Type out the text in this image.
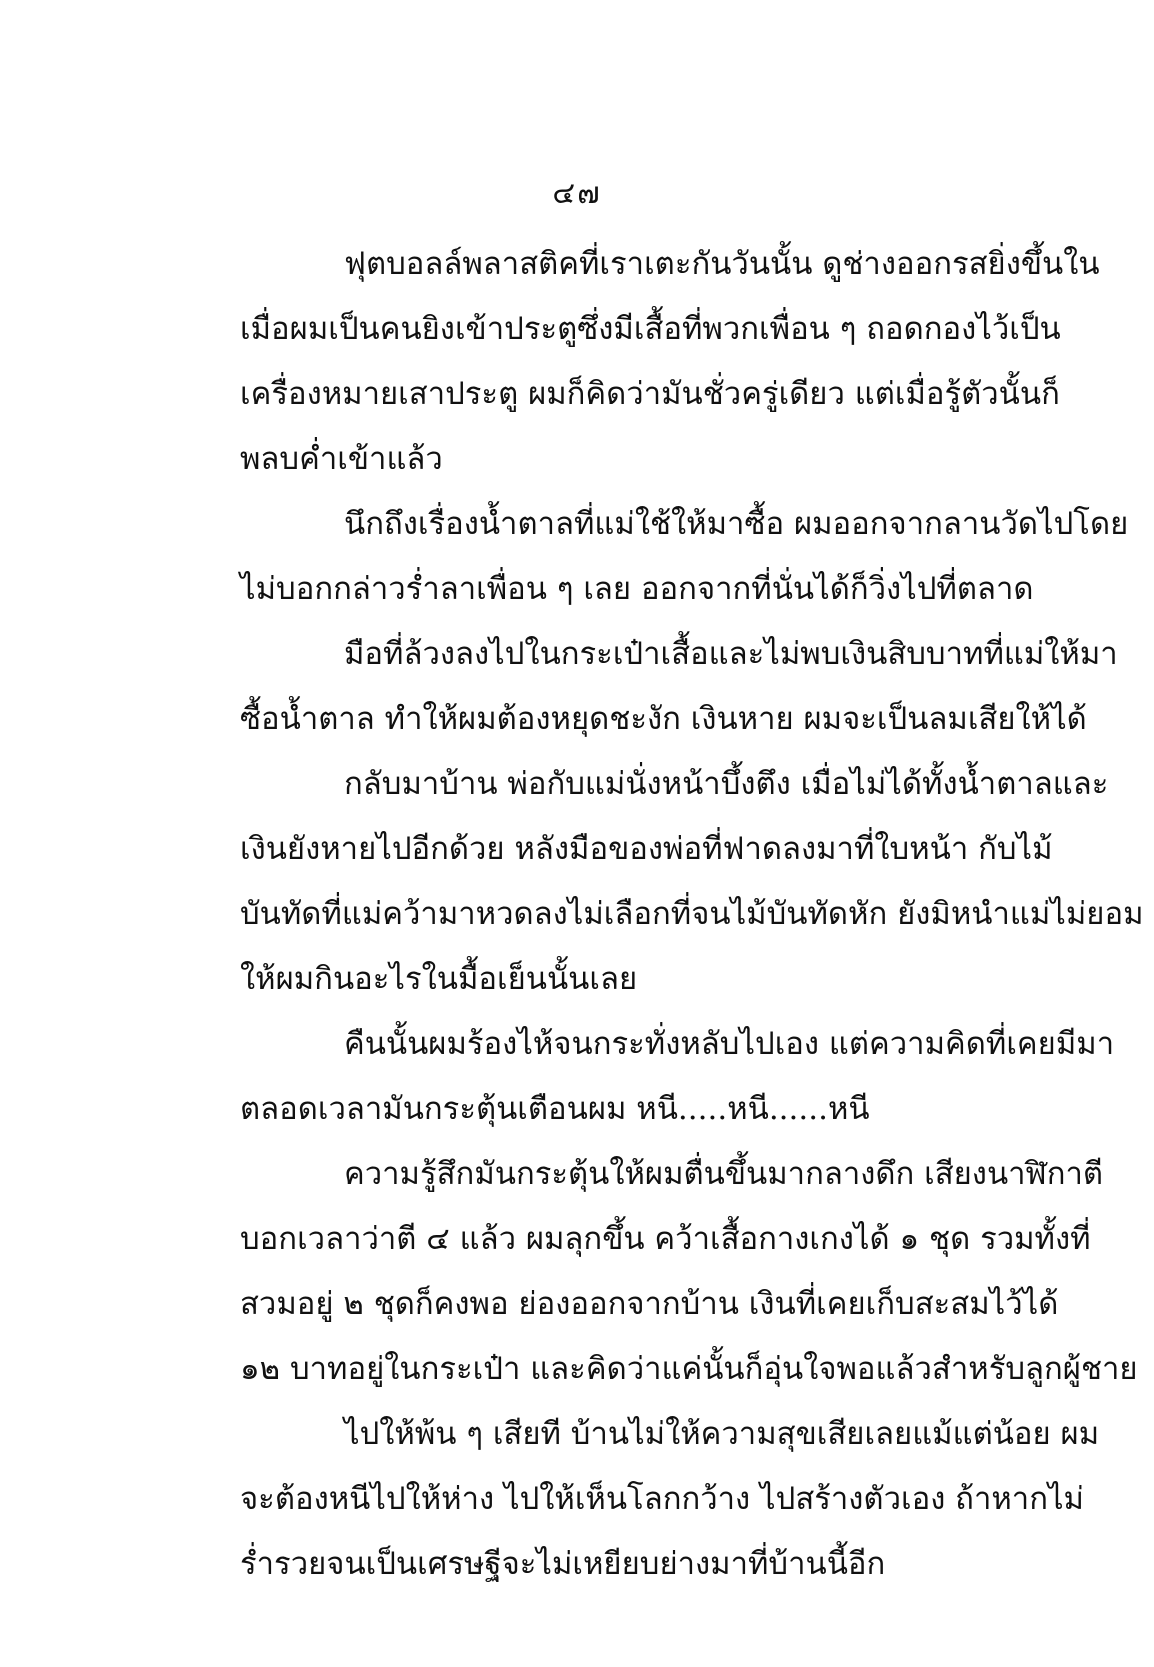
๔๗
ฟุตบอลล์พลาสติคที่เราเตะกันวันนั้น ดูช่างออกรสยิ่งขึ้นใน
เมื่อผมเป็นคนยิงเข้าประตูซึ่งมีเสื้อที่พวกเพื่อน ๆ ถอดกองไว้เป็น
เครื่องหมายเสาประตู ผมก็คิดว่ามันชั่วครู่เดียว แต่เมื่อรู้ตัวนั้นก็
พลบค่ำเข้าแล้ว
นึกถึงเรื่องน้ำตาลที่แม่ใช้ให้มาซื้อ ผมออกจากลานวัดไปโดย
ไม่บอกกล่าวร่ำลาเพื่อน ๆ เลย ออกจากที่นั่นได้ก็วิ่งไปที่ตลาด
มือที่ล้วงลงไปในกระเป๋าเสื้อและไม่พบเงินสิบบาทที่แม่ให้มา
ซื้อน้ำตาล ทำให้ผมต้องหยุดชะงัก เงินหาย ผมจะเป็นลมเสียให้ได้
กลับมาบ้าน พ่อกับแม่นั่งหน้าบึ้งตึง เมื่อไม่ได้ทั้งน้ำตาลและ
เงินยังหายไปอีกด้วย หลังมือของพ่อที่ฟาดลงมาที่ใบหน้า กับไม้
บันทัดที่แม่คว้ามาหวดลงไม่เลือกที่จนไม้บันทัดหัก ยังมิหนำแม่ไม่ยอม
ให้ผมกินอะไรในมื้อเย็นนั้นเลย
คืนนั้นผมร้องไห้จนกระทั่งหลับไปเอง แต่ความคิดที่เคยมีมา
ตลอดเวลามันกระตุ้นเตือนผม หนี.....หนี......หนี
ความรู้สึกมันกระตุ้นให้ผมตื่นขึ้นมากลางดึก เสียงนาฬิกาตี
บอกเวลาว่าตี ๔ แล้ว ผมลุกขึ้น คว้าเสื้อกางเกงได้ ๑ ชุด รวมทั้งที่
สวมอยู่ ๒ ชุดก็คงพอ ย่องออกจากบ้าน เงินที่เคยเก็บสะสมไว้ได้
๑๒ บาทอยู่ในกระเป๋า และคิดว่าแค่นั้นก็อุ่นใจพอแล้วสำหรับลูกผู้ชาย
ไปให้พ้น ๆ เสียที บ้านไม่ให้ความสุขเสียเลยแม้แต่น้อย ผม
จะต้องหนีไปให้ห่าง ไปให้เห็นโลกกว้าง ไปสร้างตัวเอง ถ้าหากไม่
ร่ำรวยจนเป็นเศรษฐีจะไม่เหยียบย่างมาที่บ้านนี้อีก
